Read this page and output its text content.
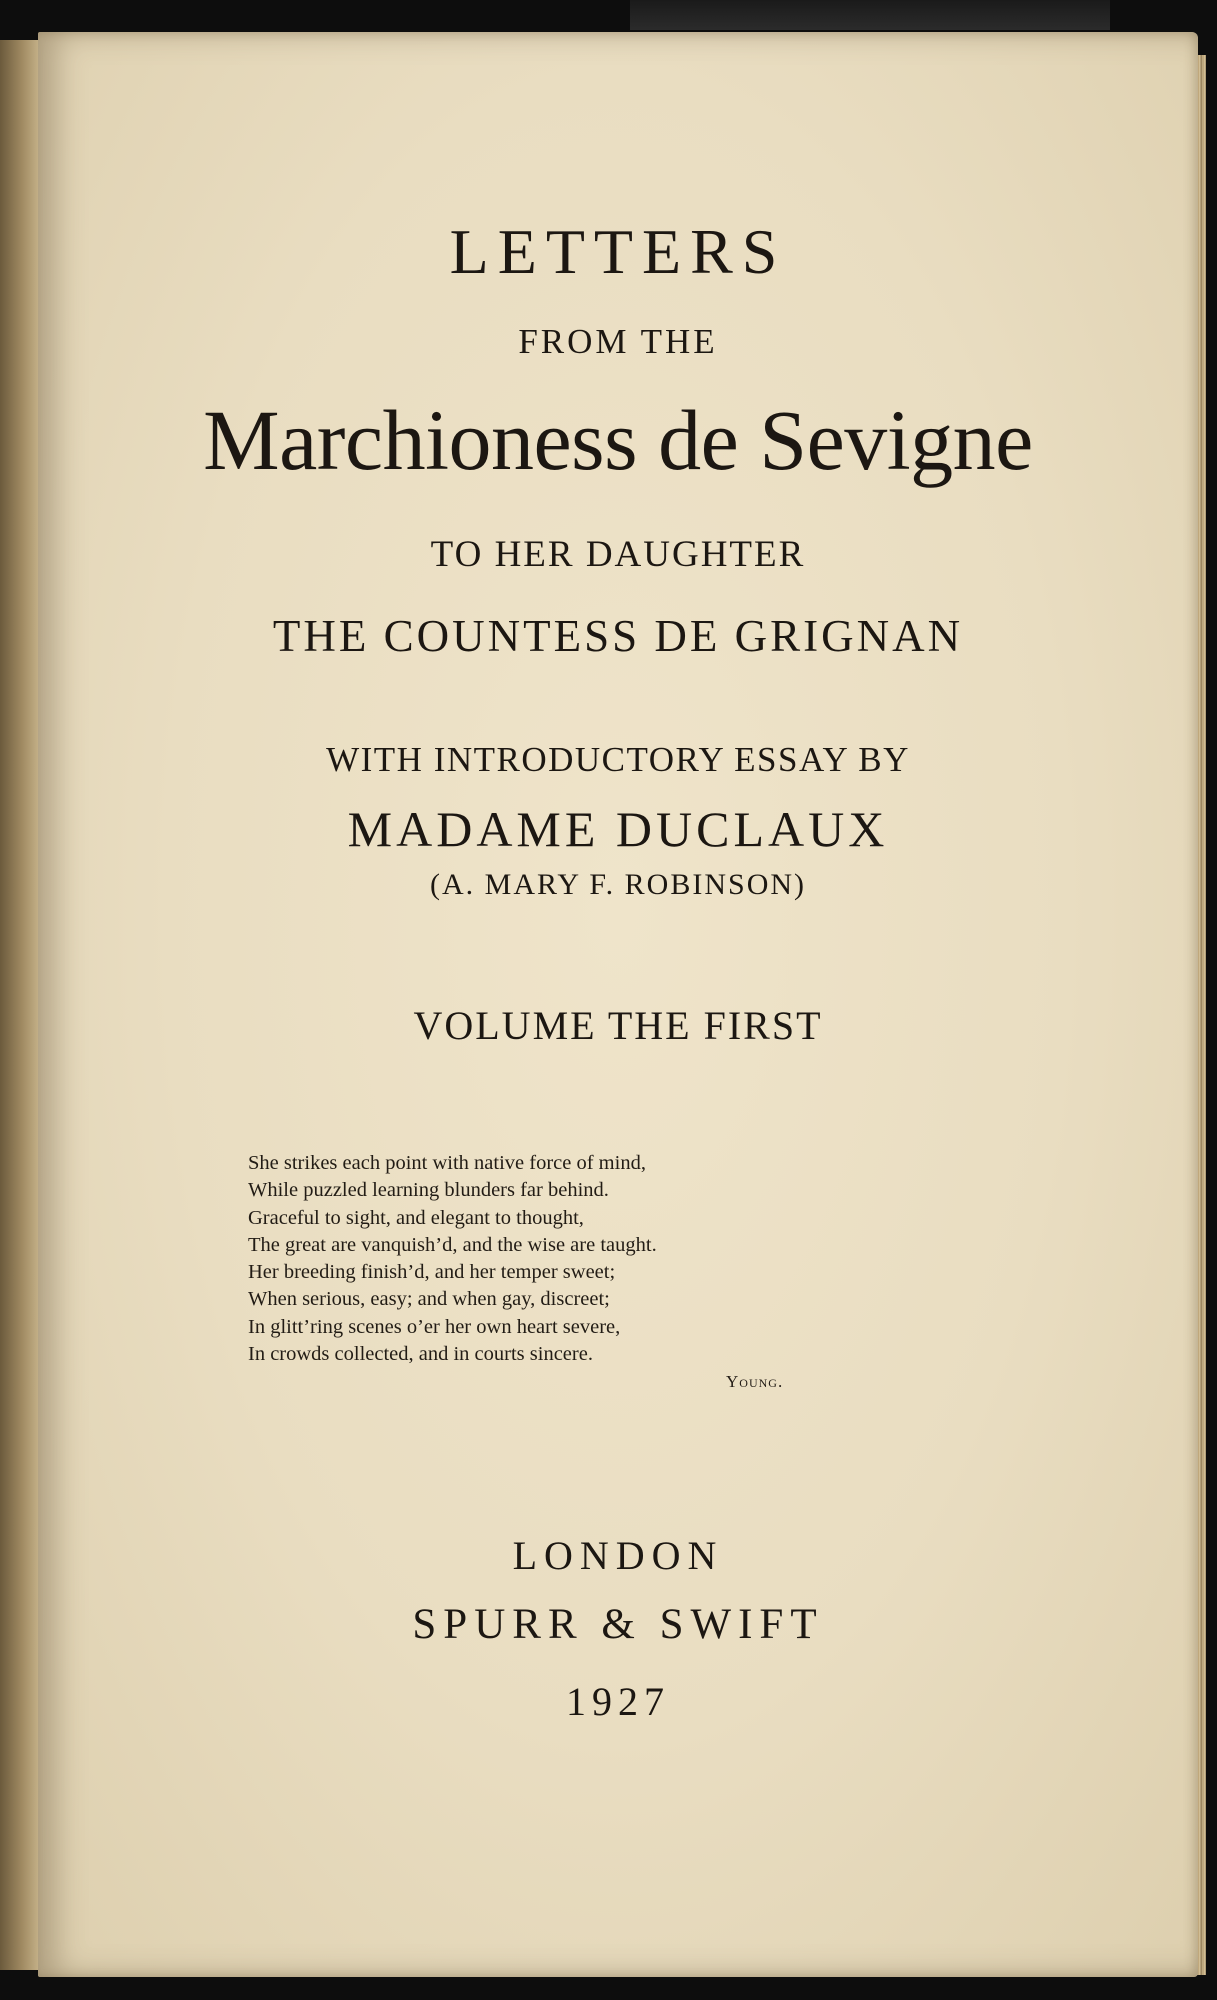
LETTERS
FROM THE
Marchioness de Sevigne
TO HER DAUGHTER
THE COUNTESS DE GRIGNAN
WITH INTRODUCTORY ESSAY BY
MADAME DUCLAUX
(A. MARY F. ROBINSON)
VOLUME THE FIRST
She strikes each point with native force of mind,
While puzzled learning blunders far behind.
Graceful to sight, and elegant to thought,
The great are vanquish’d, and the wise are taught.
Her breeding finish’d, and her temper sweet;
When serious, easy; and when gay, discreet;
In glitt’ring scenes o’er her own heart severe,
In crowds collected, and in courts sincere.
Young.
LONDON
SPURR & SWIFT
1927
